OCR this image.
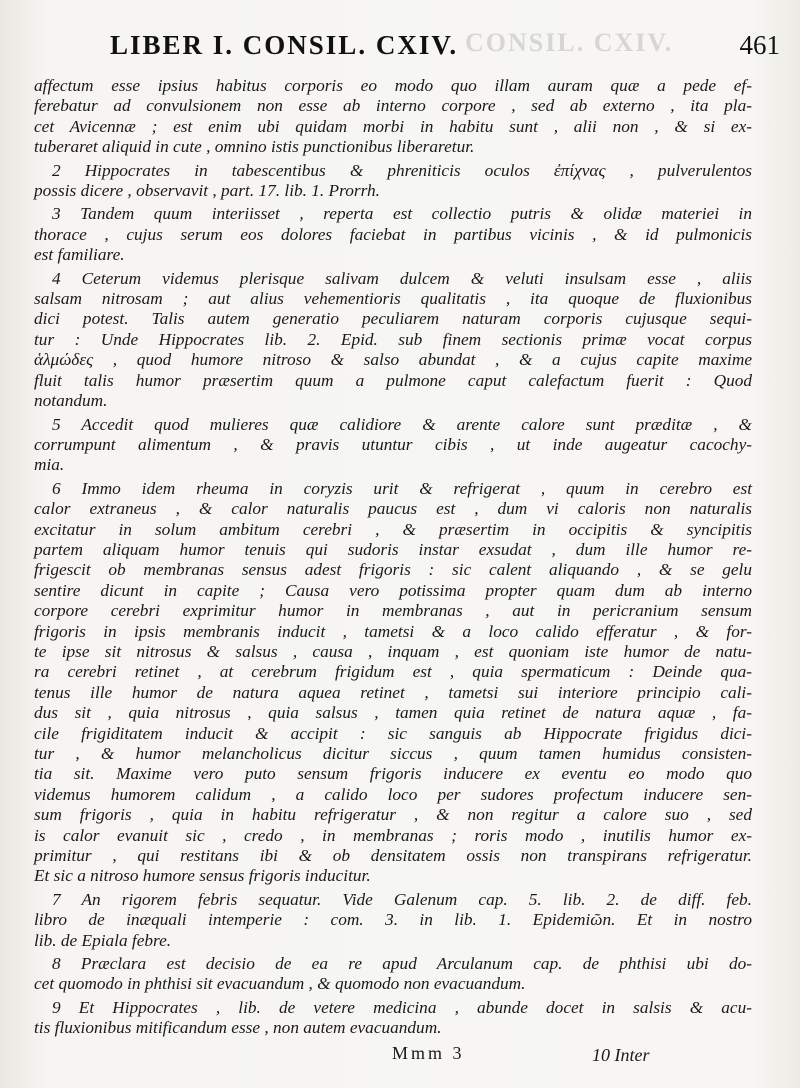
CONSIL. CXIV.
LIBER I. CONSIL. CXIV.	461
affectum esse ipsius habitus corporis eo modo quo illam auram quæ a pede ef-
ferebatur ad convulsionem non esse ab interno corpore , sed ab externo , ita pla-
cet Avicennæ ; est enim ubi quidam morbi in habitu sunt , alii non , & si ex-
tuberaret aliquid in cute , omnino istis punctionibus liberaretur.
2 Hippocrates in tabescentibus & phreniticis oculos ἐπίχνας , pulverulentos
possis dicere , observavit , part. 17. lib. 1. Prorrh.
3 Tandem quum interiisset , reperta est collectio putris & olidæ materiei in
thorace , cujus serum eos dolores faciebat in partibus vicinis , & id pulmonicis
est familiare.
4 Ceterum videmus plerisque salivam dulcem & veluti insulsam esse , aliis
salsam nitrosam ; aut alius vehementioris qualitatis , ita quoque de fluxionibus
dici potest. Talis autem generatio peculiarem naturam corporis cujusque sequi-
tur : Unde Hippocrates lib. 2. Epid. sub finem sectionis primæ vocat corpus
ἁλμώδες , quod humore nitroso & salso abundat , & a cujus capite maxime
fluit talis humor præsertim quum a pulmone caput calefactum fuerit : Quod
notandum.
5 Accedit quod mulieres quæ calidiore & arente calore sunt præditæ , &
corrumpunt alimentum , & pravis utuntur cibis , ut inde augeatur cacochy-
mia.
6 Immo idem rheuma in coryzis urit & refrigerat , quum in cerebro est
calor extraneus , & calor naturalis paucus est , dum vi caloris non naturalis
excitatur in solum ambitum cerebri , & præsertim in occipitis & syncipitis
partem aliquam humor tenuis qui sudoris instar exsudat , dum ille humor re-
frigescit ob membranas sensus adest frigoris : sic calent aliquando , & se gelu
sentire dicunt in capite ; Causa vero potissima propter quam dum ab interno
corpore cerebri exprimitur humor in membranas , aut in pericranium sensum
frigoris in ipsis membranis inducit , tametsi & a loco calido efferatur , & for-
te ipse sit nitrosus & salsus , causa , inquam , est quoniam iste humor de natu-
ra cerebri retinet , at cerebrum frigidum est , quia spermaticum : Deinde qua-
tenus ille humor de natura aquea retinet , tametsi sui interiore principio cali-
dus sit , quia nitrosus , quia salsus , tamen quia retinet de natura aquæ , fa-
cile frigiditatem inducit & accipit : sic sanguis ab Hippocrate frigidus dici-
tur , & humor melancholicus dicitur siccus , quum tamen humidus consisten-
tia sit. Maxime vero puto sensum frigoris inducere ex eventu eo modo quo
videmus humorem calidum , a calido loco per sudores profectum inducere sen-
sum frigoris , quia in habitu refrigeratur , & non regitur a calore suo , sed
is calor evanuit sic , credo , in membranas ; roris modo , inutilis humor ex-
primitur , qui restitans ibi & ob densitatem ossis non transpirans refrigeratur.
Et sic a nitroso humore sensus frigoris inducitur.
7 An rigorem febris sequatur. Vide Galenum cap. 5. lib. 2. de diff. feb.
libro de inæquali intemperie : com. 3. in lib. 1. Epidemiῶn. Et in nostro
lib. de Epiala febre.
8 Præclara est decisio de ea re apud Arculanum cap. de phthisi ubi do-
cet quomodo in phthisi sit evacuandum , & quomodo non evacuandum.
9 Et Hippocrates , lib. de vetere medicina , abunde docet in salsis & acu-
tis fluxionibus mitificandum esse , non autem evacuandum.
Mmm 3	10 Inter
